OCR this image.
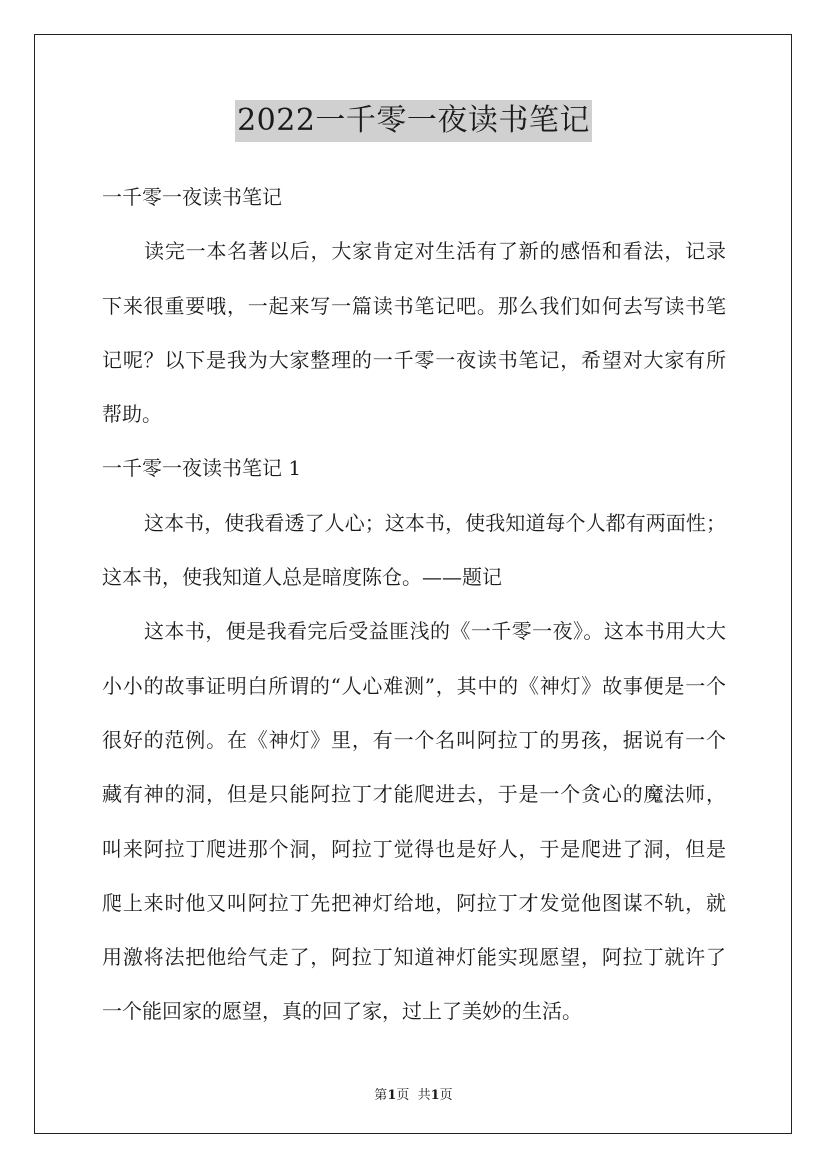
2022一千零一夜读书笔记
一千零一夜读书笔记
读完一本名著以后，大家肯定对生活有了新的感悟和看法，记录
下来很重要哦，一起来写一篇读书笔记吧。那么我们如何去写读书笔
记呢？以下是我为大家整理的一千零一夜读书笔记，希望对大家有所
帮助。
一千零一夜读书笔记 1
这本书，使我看透了人心；这本书，使我知道每个人都有两面性；
这本书，使我知道人总是暗度陈仓。——题记
这本书，便是我看完后受益匪浅的《一千零一夜》。这本书用大大
小小的故事证明白所谓的“人心难测”，其中的《神灯》故事便是一个
很好的范例。在《神灯》里，有一个名叫阿拉丁的男孩，据说有一个
藏有神的洞，但是只能阿拉丁才能爬进去，于是一个贪心的魔法师，
叫来阿拉丁爬进那个洞，阿拉丁觉得也是好人，于是爬进了洞，但是
爬上来时他又叫阿拉丁先把神灯给地，阿拉丁才发觉他图谋不轨，就
用激将法把他给气走了，阿拉丁知道神灯能实现愿望，阿拉丁就许了
一个能回家的愿望，真的回了家，过上了美妙的生活。
第1页  共1页
